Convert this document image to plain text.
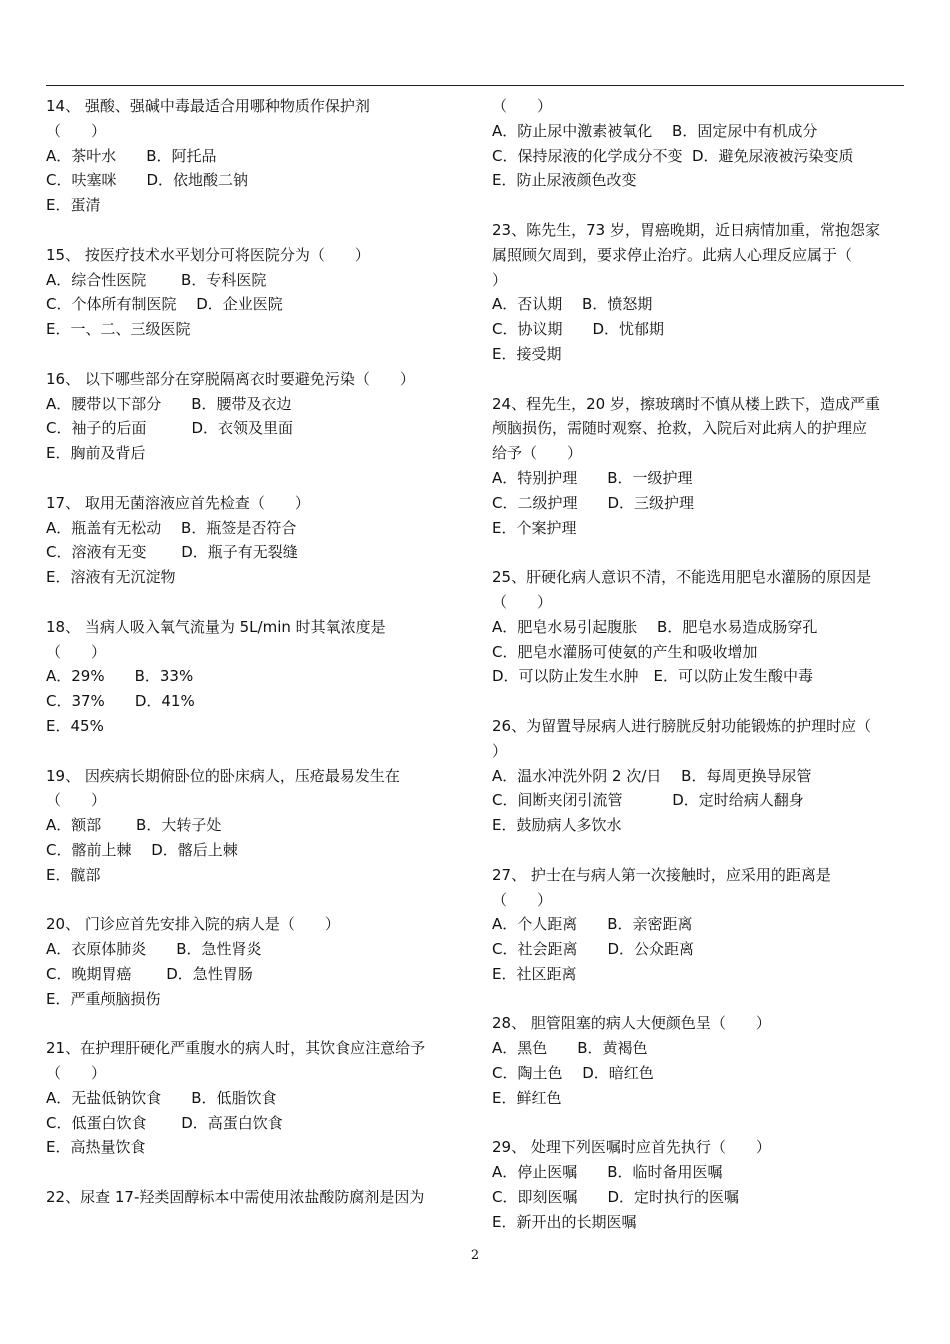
14、 强酸、强碱中毒最适合用哪种物质作保护剂
（　　）
A．茶叶水　　B．阿托品
C．呋塞咪　　D．依地酸二钠
E．蛋清
15、 按医疗技术水平划分可将医院分为（　　）
A．综合性医院　　 B．专科医院
C．个体所有制医院　 D．企业医院
E．一、二、三级医院
16、 以下哪些部分在穿脱隔离衣时要避免污染（　　）
A．腰带以下部分　　B．腰带及衣边
C．袖子的后面　　　D．衣领及里面
E．胸前及背后
17、 取用无菌溶液应首先检查（　　）
A．瓶盖有无松动　 B．瓶签是否符合
C．溶液有无变　　 D．瓶子有无裂缝
E．溶液有无沉淀物
18、 当病人吸入氧气流量为 5L/min 时其氧浓度是
（　　）
A．29%　　B．33%
C．37%　　D．41%
E．45%
19、 因疾病长期俯卧位的卧床病人，压疮最易发生在
（　　）
A．额部　　 B．大转子处
C．髂前上棘　 D．髂后上棘
E．髋部
20、 门诊应首先安排入院的病人是（　　）
A．衣原体肺炎　　B．急性肾炎
C．晚期胃癌　　 D．急性胃肠
E．严重颅脑损伤
21、在护理肝硬化严重腹水的病人时，其饮食应注意给予
（　　）
A．无盐低钠饮食　　B．低脂饮食
C．低蛋白饮食　　 D．高蛋白饮食
E．高热量饮食
22、尿查 17-羟类固醇标本中需使用浓盐酸防腐剂是因为
（　　）
A．防止尿中激素被氧化　 B．固定尿中有机成分
C．保持尿液的化学成分不变  D．避免尿液被污染变质
E．防止尿液颜色改变
23、陈先生，73 岁，胃癌晚期，近日病情加重，常抱怨家
属照顾欠周到，要求停止治疗。此病人心理反应属于（
）
A．否认期　 B．愤怒期
C．协议期　　D．忧郁期
E．接受期
24、程先生，20 岁，擦玻璃时不慎从楼上跌下，造成严重
颅脑损伤，需随时观察、抢救，入院后对此病人的护理应
给予（　　）
A．特别护理　　B．一级护理
C．二级护理　　D．三级护理
E．个案护理
25、肝硬化病人意识不清，不能选用肥皂水灌肠的原因是
（　　）
A．肥皂水易引起腹胀　 B．肥皂水易造成肠穿孔
C．肥皂水灌肠可使氨的产生和吸收增加
D．可以防止发生水肿　E．可以防止发生酸中毒
26、为留置导尿病人进行膀胱反射功能锻炼的护理时应（
）
A．温水冲洗外阴 2 次/日　 B．每周更换导尿管
C．间断夹闭引流管　　　 D．定时给病人翻身
E．鼓励病人多饮水
27、 护士在与病人第一次接触时，应采用的距离是
（　　）
A．个人距离　　B．亲密距离
C．社会距离　　D．公众距离
E．社区距离
28、 胆管阻塞的病人大便颜色呈（　　）
A．黑色　　B．黄褐色
C．陶土色　 D．暗红色
E．鲜红色
29、 处理下列医嘱时应首先执行（　　）
A．停止医嘱　　B．临时备用医嘱
C．即刻医嘱　　D．定时执行的医嘱
E．新开出的长期医嘱
2
